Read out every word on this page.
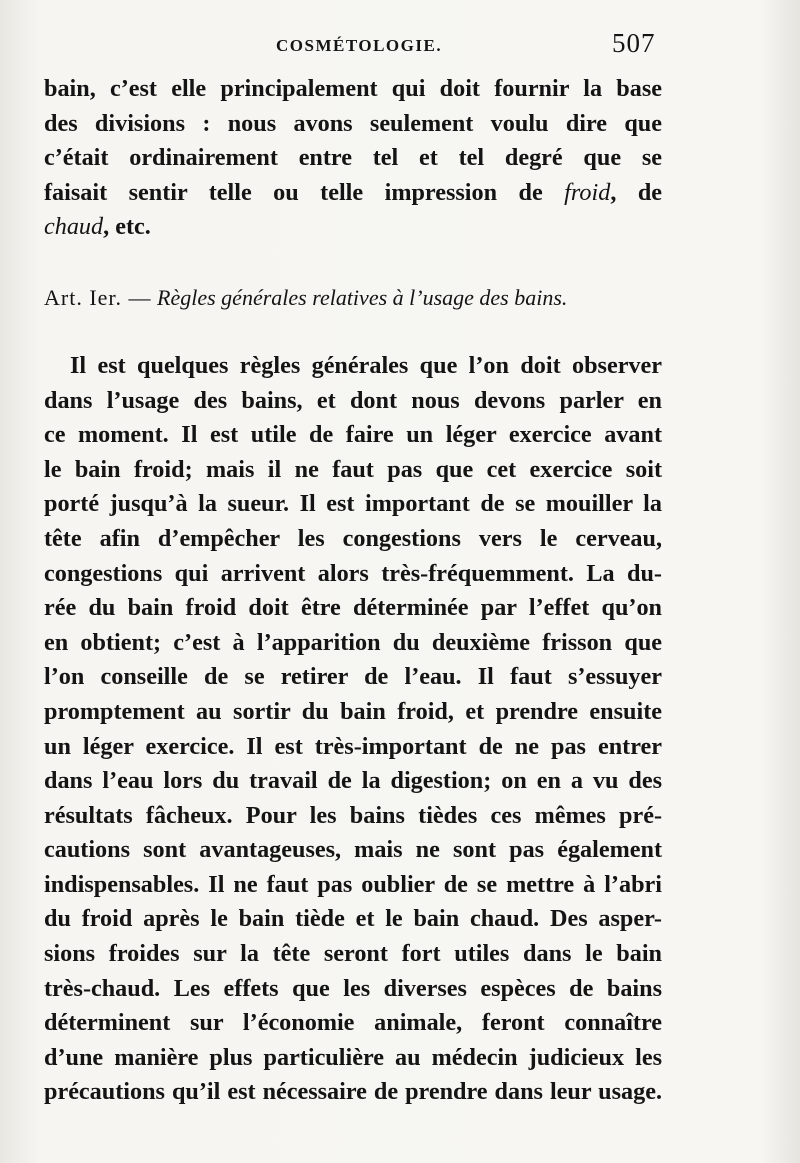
COSMÉTOLOGIE.	507
bain, c’est elle principalement qui doit fournir la base
des divisions : nous avons seulement voulu dire que
c’était ordinairement entre tel et tel degré que se
faisait sentir telle ou telle impression de froid, de
chaud, etc.
Art. Ier. — Règles générales relatives à l’usage des bains.
Il est quelques règles générales que l’on doit observer
dans l’usage des bains, et dont nous devons parler en
ce moment. Il est utile de faire un léger exercice avant
le bain froid; mais il ne faut pas que cet exercice soit
porté jusqu’à la sueur. Il est important de se mouiller la
tête afin d’empêcher les congestions vers le cerveau,
congestions qui arrivent alors très-fréquemment. La du-
rée du bain froid doit être déterminée par l’effet qu’on
en obtient; c’est à l’apparition du deuxième frisson que
l’on conseille de se retirer de l’eau. Il faut s’essuyer
promptement au sortir du bain froid, et prendre ensuite
un léger exercice. Il est très-important de ne pas entrer
dans l’eau lors du travail de la digestion; on en a vu des
résultats fâcheux. Pour les bains tièdes ces mêmes pré-
cautions sont avantageuses, mais ne sont pas également
indispensables. Il ne faut pas oublier de se mettre à l’abri
du froid après le bain tiède et le bain chaud. Des asper-
sions froides sur la tête seront fort utiles dans le bain
très-chaud. Les effets que les diverses espèces de bains
déterminent sur l’économie animale, feront connaître
d’une manière plus particulière au médecin judicieux les
précautions qu’il est nécessaire de prendre dans leur usage.
